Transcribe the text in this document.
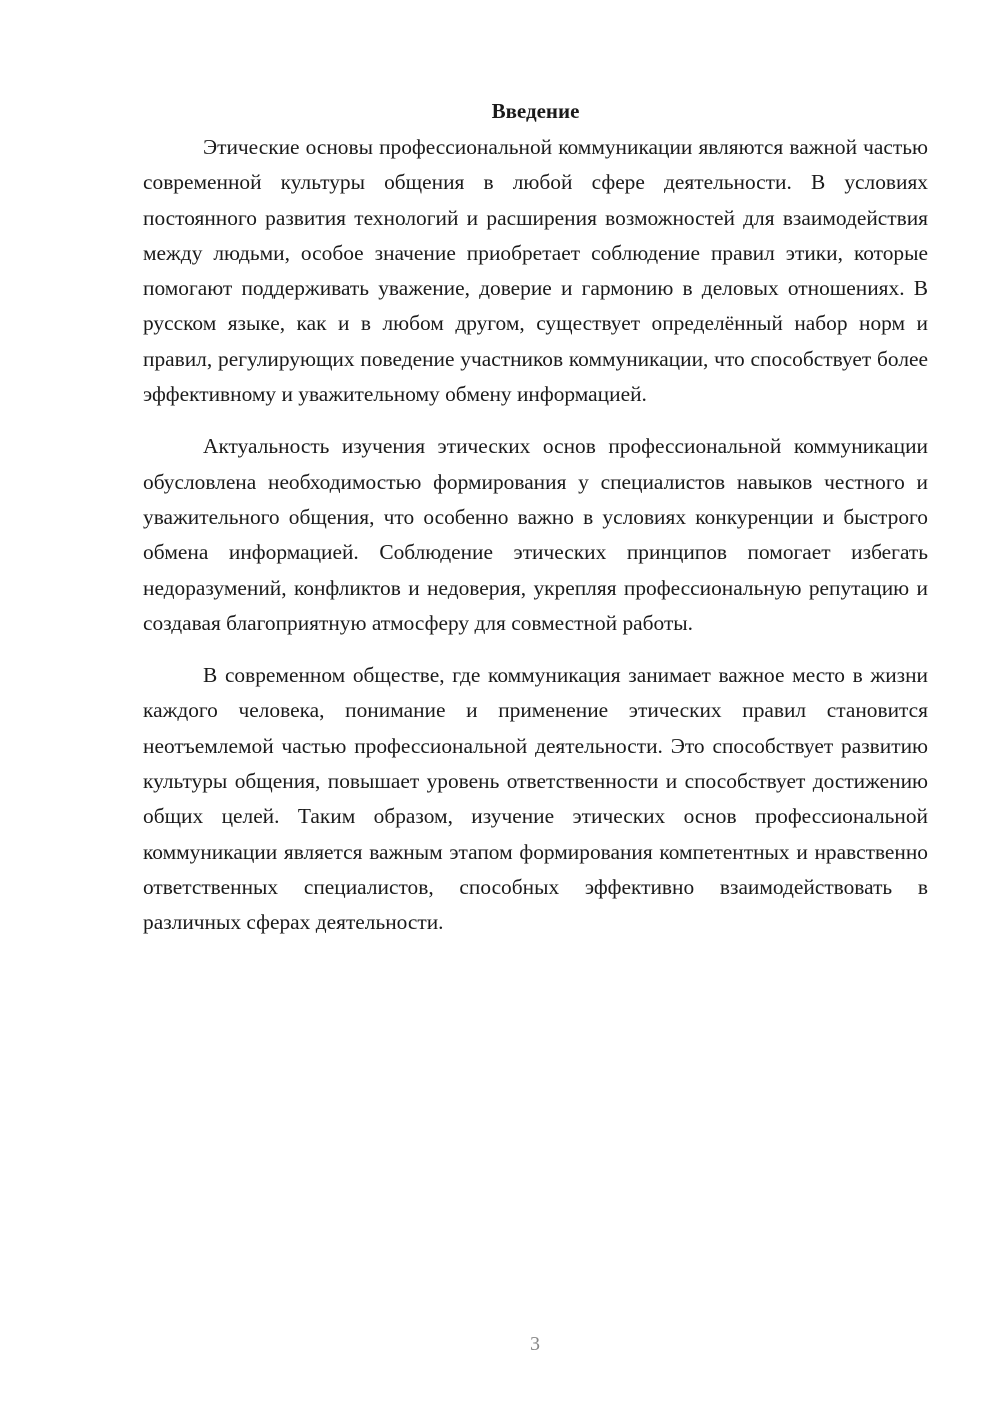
Введение

Этические основы профессиональной коммуникации являются важной частью современной культуры общения в любой сфере деятельности. В условиях постоянного развития технологий и расширения возможностей для взаимодействия между людьми, особое значение приобретает соблюдение правил этики, которые помогают поддерживать уважение, доверие и гармонию в деловых отношениях. В русском языке, как и в любом другом, существует определённый набор норм и правил, регулирующих поведение участников коммуникации, что способствует более эффективному и уважительному обмену информацией.

Актуальность изучения этических основ профессиональной коммуникации обусловлена необходимостью формирования у специалистов навыков честного и уважительного общения, что особенно важно в условиях конкуренции и быстрого обмена информацией. Соблюдение этических принципов помогает избегать недоразумений, конфликтов и недоверия, укрепляя профессиональную репутацию и создавая благоприятную атмосферу для совместной работы.

В современном обществе, где коммуникация занимает важное место в жизни каждого человека, понимание и применение этических правил становится неотъемлемой частью профессиональной деятельности. Это способствует развитию культуры общения, повышает уровень ответственности и способствует достижению общих целей. Таким образом, изучение этических основ профессиональной коммуникации является важным этапом формирования компетентных и нравственно ответственных специалистов, способных эффективно взаимодействовать в различных сферах деятельности.

3
